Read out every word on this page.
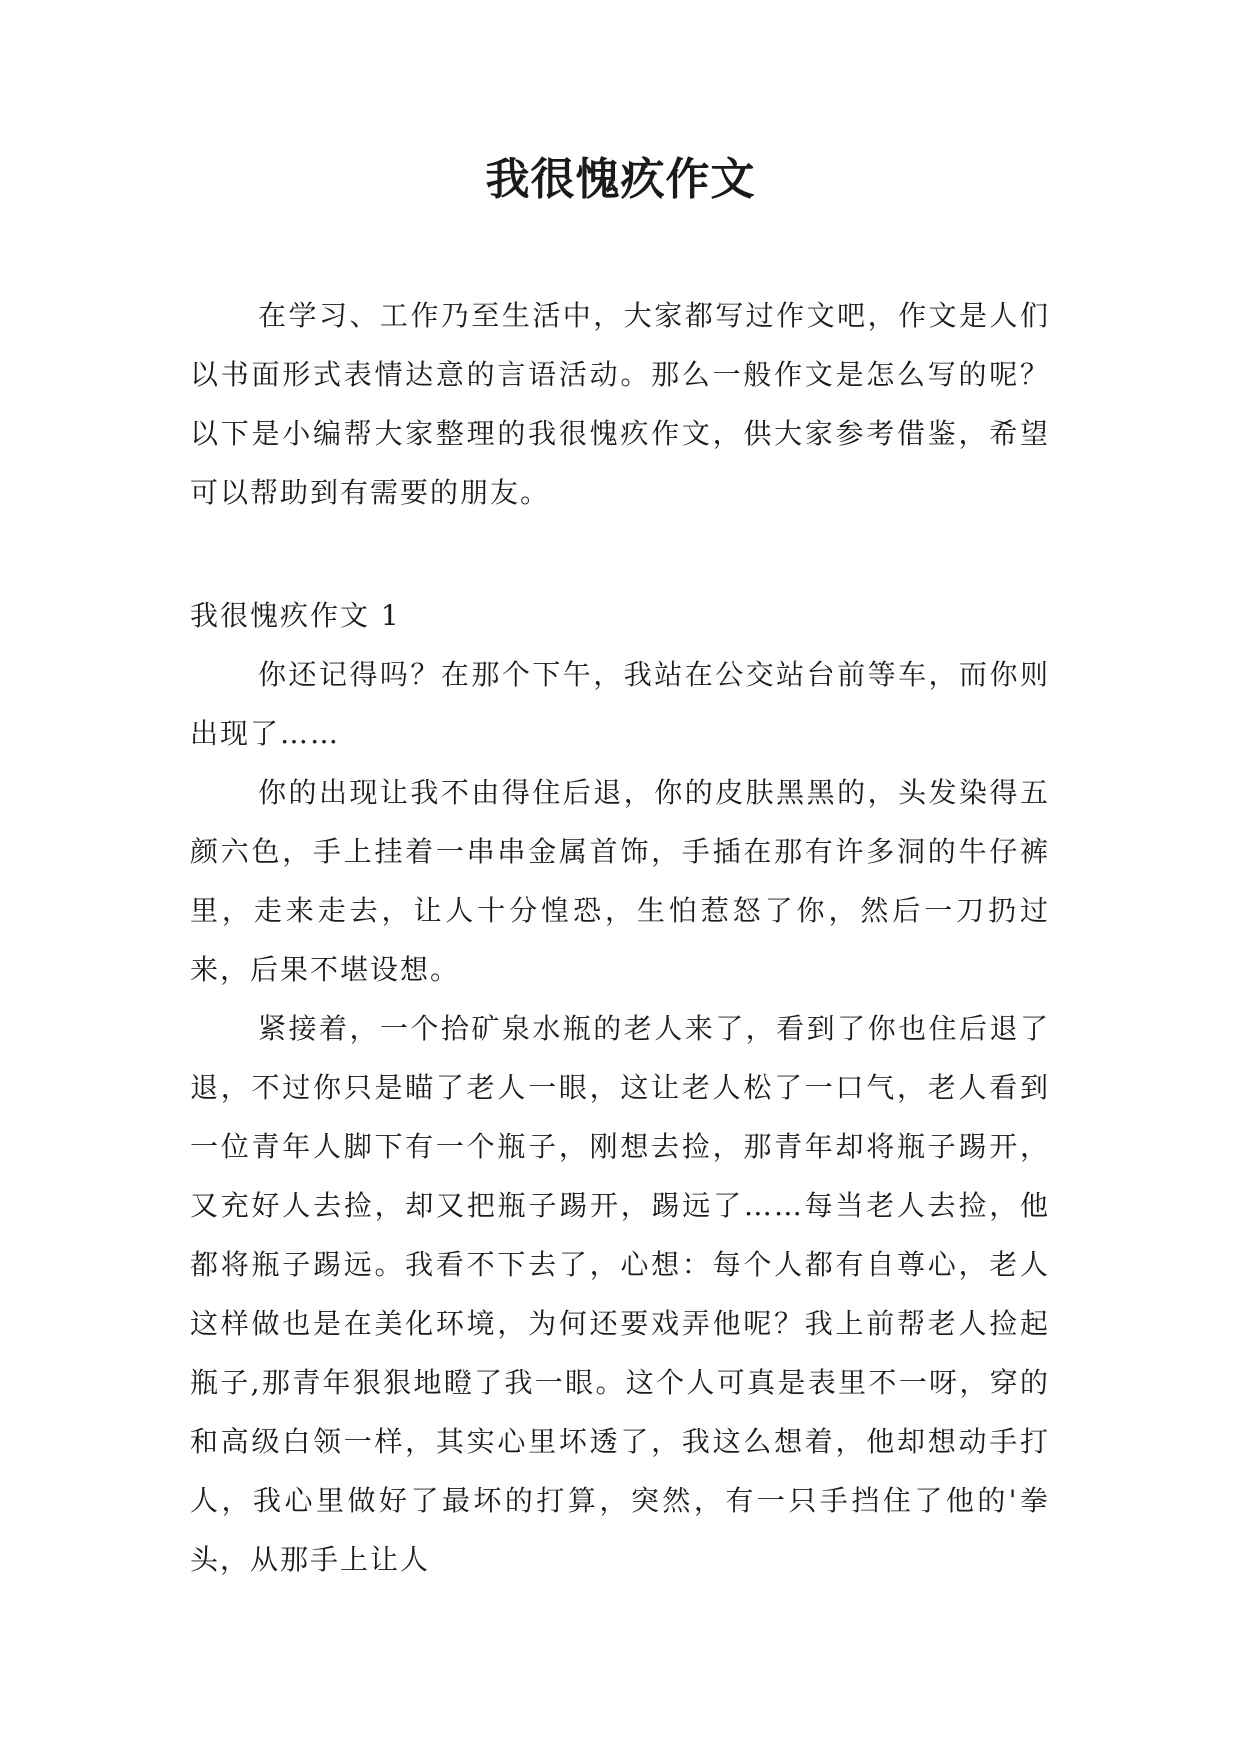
我很愧疚作文

在学习、工作乃至生活中，大家都写过作文吧，作文是人们以书面形式表情达意的言语活动。那么一般作文是怎么写的呢？以下是小编帮大家整理的我很愧疚作文，供大家参考借鉴，希望可以帮助到有需要的朋友。

我很愧疚作文 1

你还记得吗？在那个下午，我站在公交站台前等车，而你则出现了……

你的出现让我不由得住后退，你的皮肤黑黑的，头发染得五颜六色，手上挂着一串串金属首饰，手插在那有许多洞的牛仔裤里，走来走去，让人十分惶恐，生怕惹怒了你，然后一刀扔过来，后果不堪设想。

紧接着，一个拾矿泉水瓶的老人来了，看到了你也住后退了退，不过你只是瞄了老人一眼，这让老人松了一口气，老人看到一位青年人脚下有一个瓶子，刚想去捡，那青年却将瓶子踢开，又充好人去捡，却又把瓶子踢开，踢远了……每当老人去捡，他都将瓶子踢远。我看不下去了，心想：每个人都有自尊心，老人这样做也是在美化环境，为何还要戏弄他呢？我上前帮老人捡起瓶子,那青年狠狠地瞪了我一眼。这个人可真是表里不一呀，穿的和高级白领一样，其实心里坏透了，我这么想着，他却想动手打人，我心里做好了最坏的打算，突然，有一只手挡住了他的'拳头，从那手上让人
